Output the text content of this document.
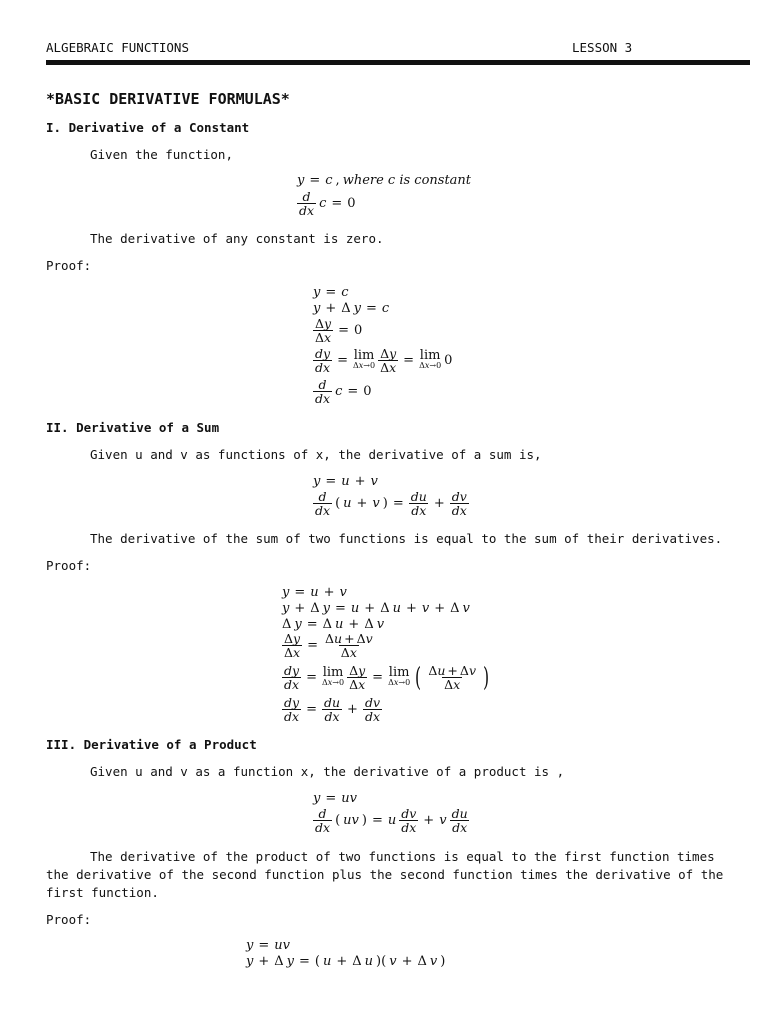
ALGEBRAIC FUNCTIONS	LESSON 3
*BASIC DERIVATIVE FORMULAS*
I. Derivative of a Constant
Given the function,
y = c , where c is constant
$\frac{d}{dx}$ c = 0
The derivative of any constant is zero.
Proof:
y = c
y + Δ y = c
$\frac{\Delta y}{\Delta x} = 0$
$\frac{dy}{dx} = \lim$
$\Delta x\to 0 \frac{\Delta y}{\Delta x} = \lim$
Δx→0 0
$\frac{d}{dx}$ c = 0
II. Derivative of a Sum
Given u and v as functions of x, the derivative of a sum is,
y = u + v
$\frac{d}{dx}$ ( u + v ) = $\frac{du}{dx} + \frac{dv}{dx}$
The derivative of the sum of two functions is equal to the sum of their derivatives.
Proof:
y = u + v
y + Δ y = u + Δ u + v + Δ v
Δ y = Δ u + Δ v
$\frac{\Delta y}{\Delta x} = \frac{\Delta u + \Delta v}{\Delta x}$
$\frac{dy}{dx} = \lim$
$\Delta x\to 0 \frac{\Delta y}{\Delta x} = \lim$
Δx→0 ( $\frac{\Delta u + \Delta v}{\Delta x}$ )
$\frac{dy}{dx} = \frac{du}{dx} + \frac{dv}{dx}$
III. Derivative of a Product
Given u and v as a function x, the derivative of a product is ,
y = uv
$\frac{d}{dx}$ ( uv ) = u $\frac{dv}{dx} + v \frac{du}{dx}$
The derivative of the product of two functions is equal to the first function times the derivative of the second function plus the second function times the derivative of the first function.
Proof:
y = uv
y + Δ y = ( u + Δ u )( v + Δ v )
